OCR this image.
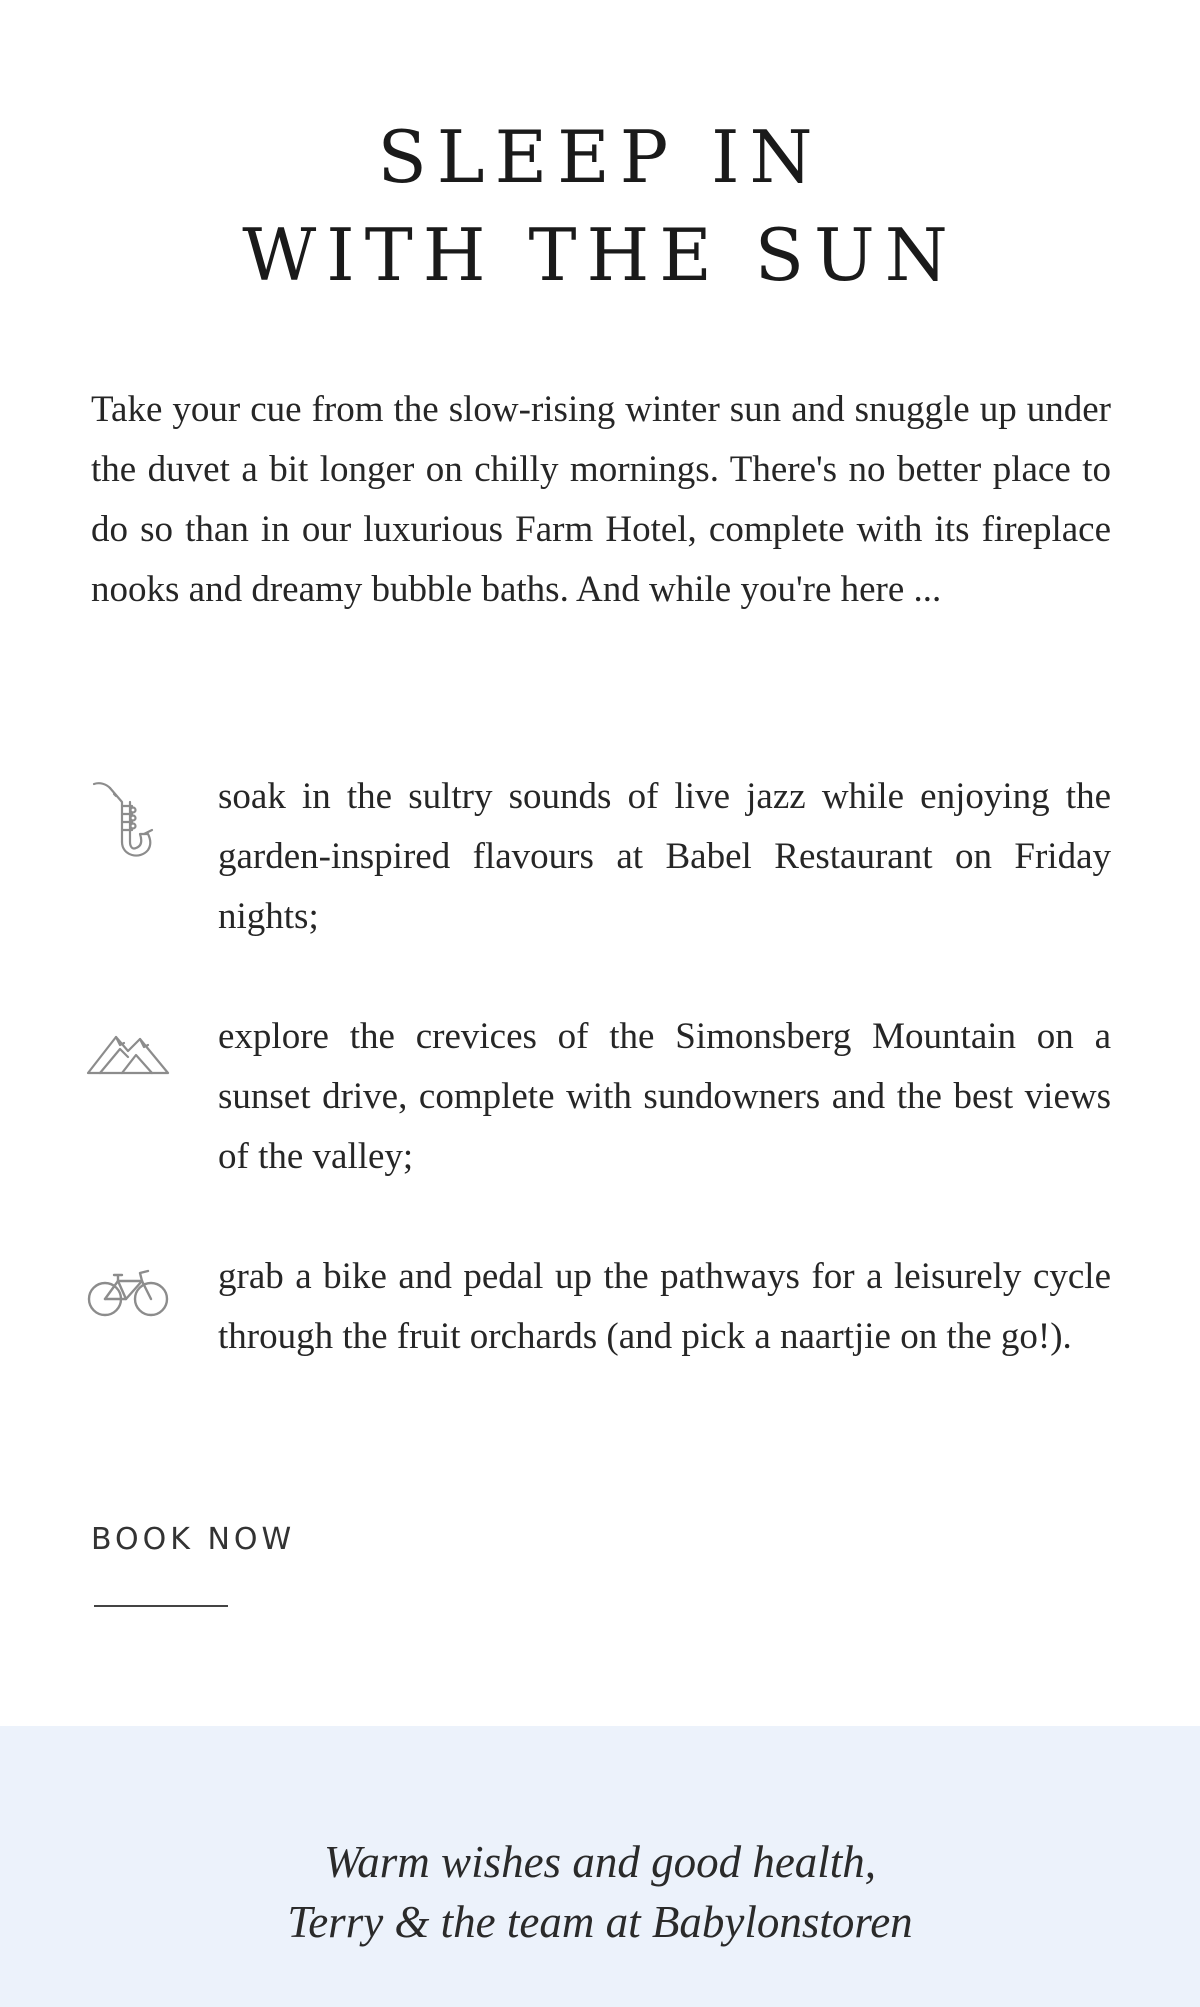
SLEEP IN
WITH THE SUN

Take your cue from the slow-rising winter sun and snuggle up under the duvet a bit longer on chilly mornings. There's no better place to do so than in our luxurious Farm Hotel, complete with its fireplace nooks and dreamy bubble baths. And while you're here ...

soak in the sultry sounds of live jazz while enjoying the garden-inspired flavours at Babel Restaurant on Friday nights;

explore the crevices of the Simonsberg Mountain on a sunset drive, complete with sundowners and the best views of the valley;

grab a bike and pedal up the pathways for a leisurely cycle through the fruit orchards (and pick a naartjie on the go!).

BOOK NOW
Warm wishes and good health,
Terry & the team at Babylonstoren
